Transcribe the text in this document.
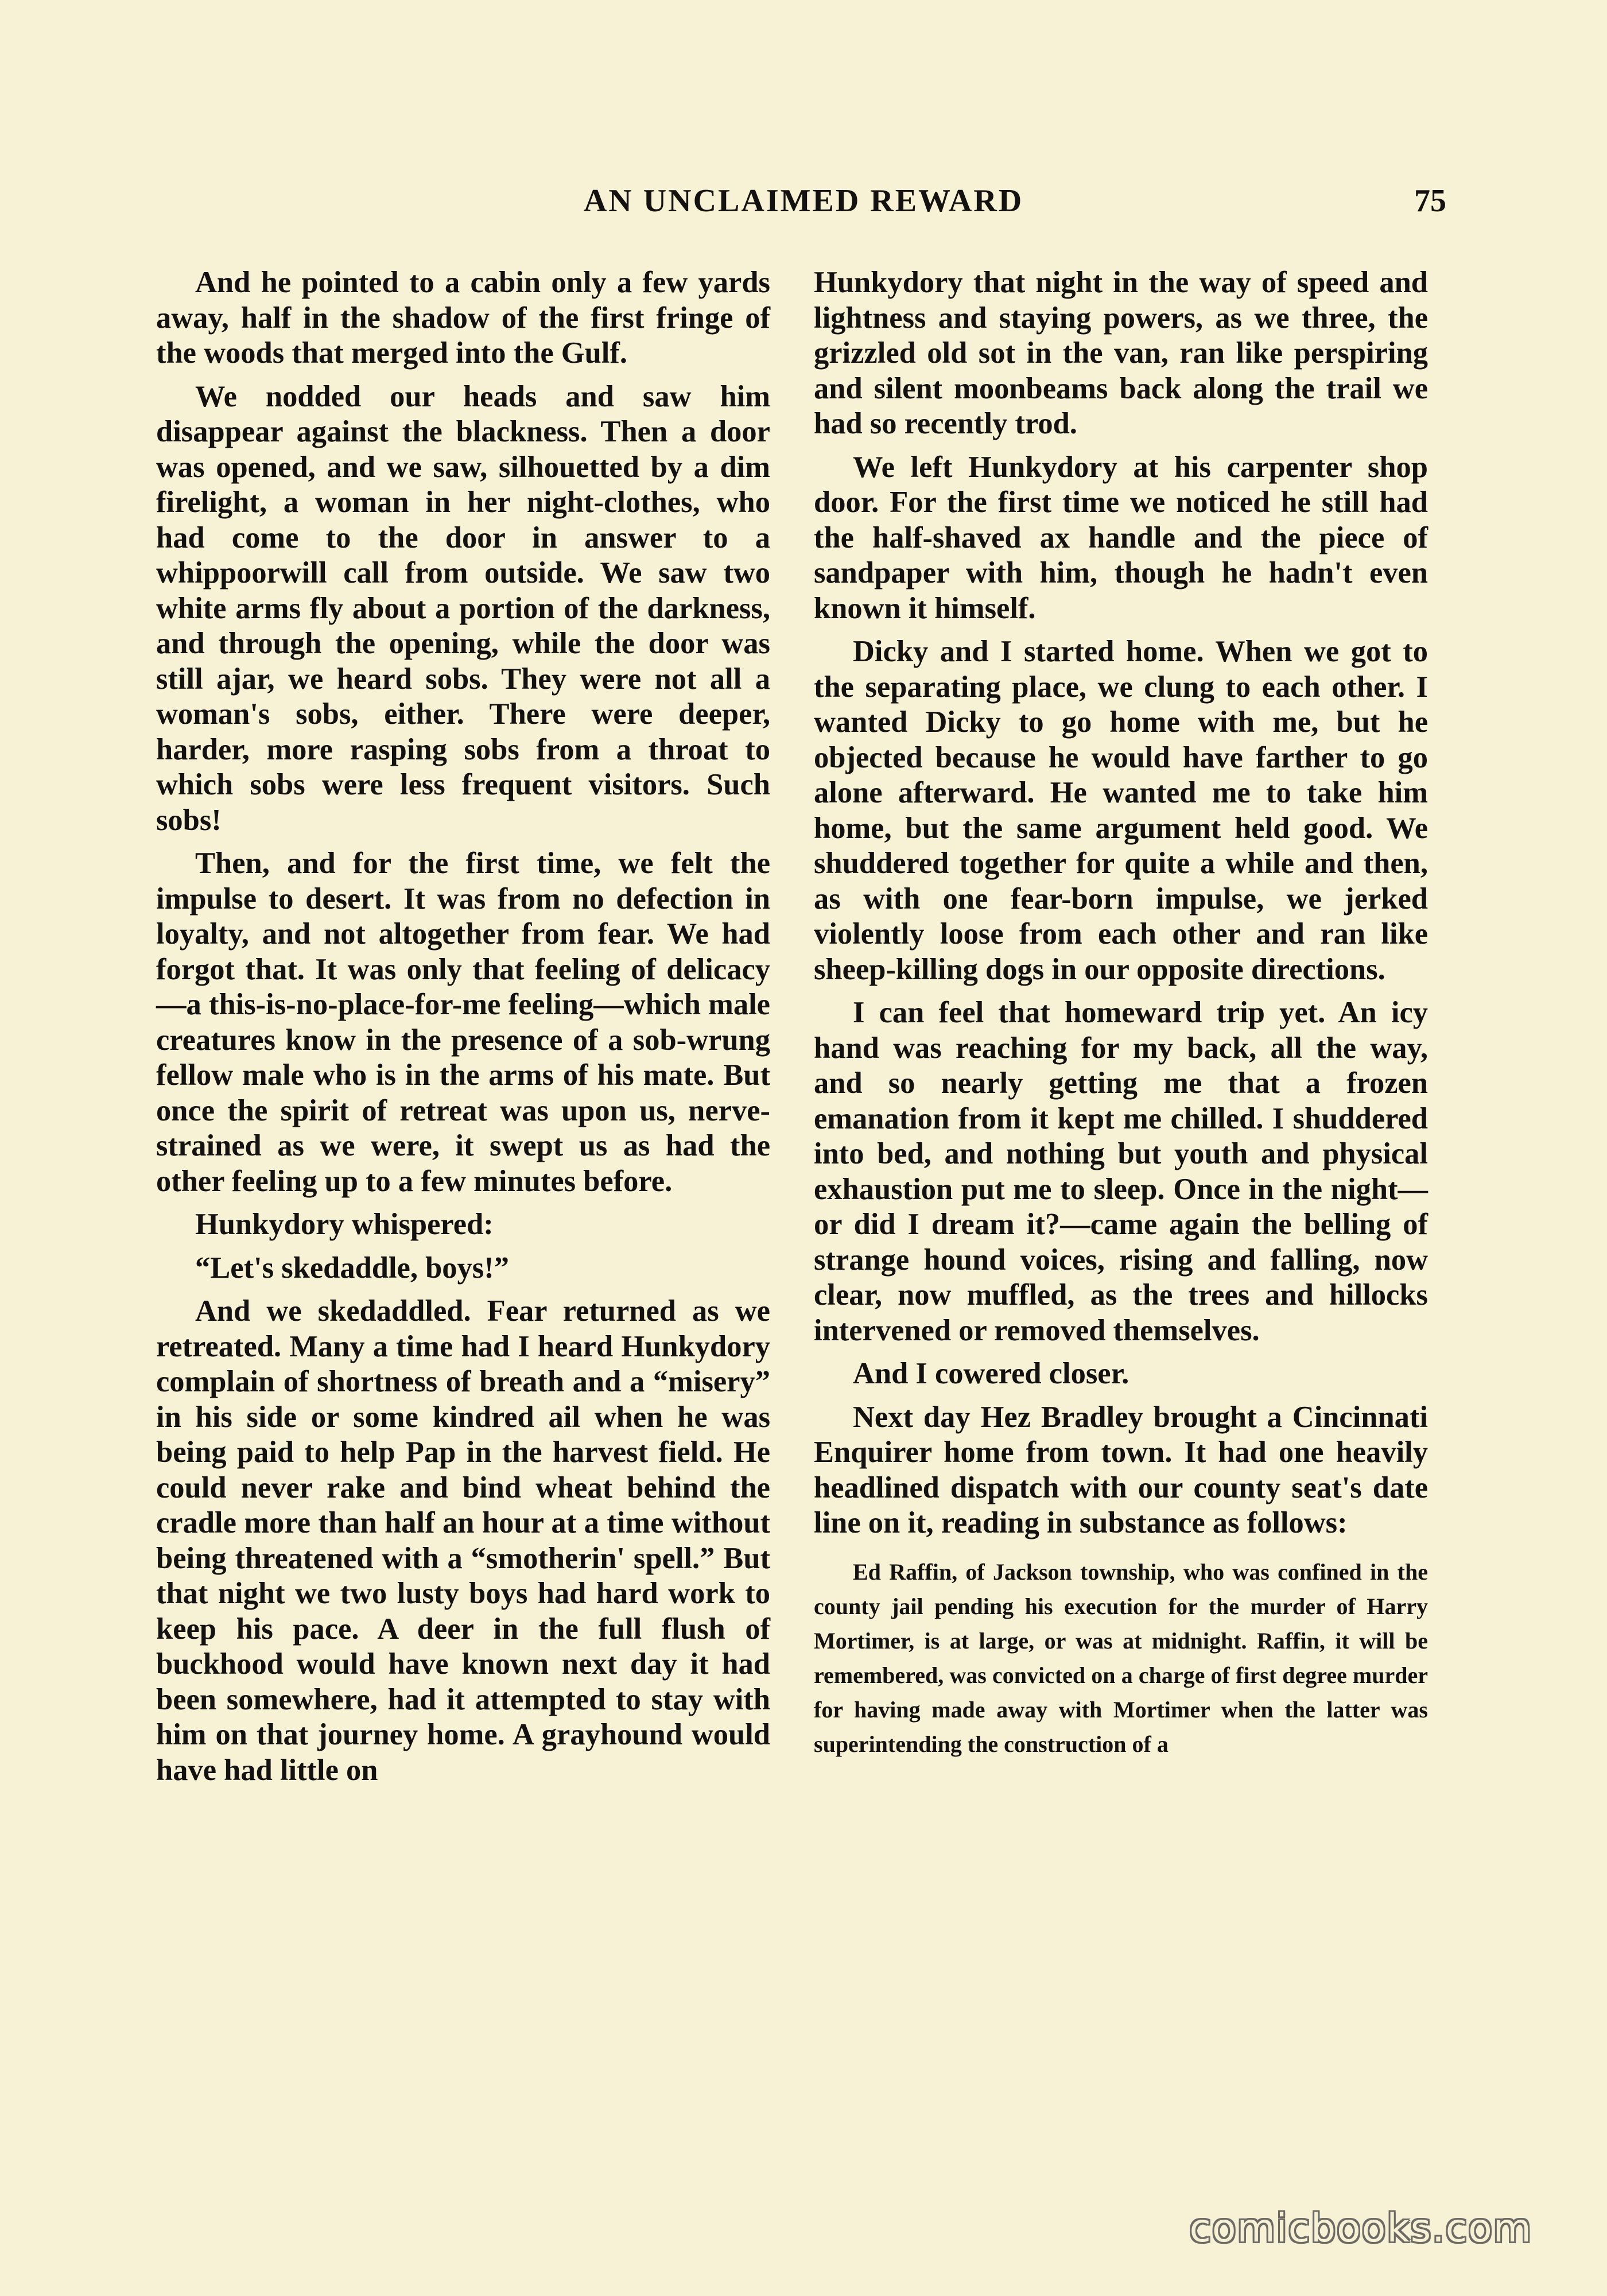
AN UNCLAIMED REWARD	75

And he pointed to a cabin only a few yards away, half in the shadow of the first fringe of the woods that merged into the Gulf.

We nodded our heads and saw him disappear against the blackness. Then a door was opened, and we saw, silhouetted by a dim firelight, a woman in her night-clothes, who had come to the door in answer to a whippoorwill call from outside. We saw two white arms fly about a portion of the darkness, and through the opening, while the door was still ajar, we heard sobs. They were not all a woman's sobs, either. There were deeper, harder, more rasping sobs from a throat to which sobs were less frequent visitors. Such sobs!

Then, and for the first time, we felt the impulse to desert. It was from no defection in loyalty, and not altogether from fear. We had forgot that. It was only that feeling of delicacy—a this-is-no-place-for-me feeling—which male creatures know in the presence of a sob-wrung fellow male who is in the arms of his mate. But once the spirit of retreat was upon us, nerve-strained as we were, it swept us as had the other feeling up to a few minutes before.

Hunkydory whispered:

“Let's skedaddle, boys!”

And we skedaddled. Fear returned as we retreated. Many a time had I heard Hunkydory complain of shortness of breath and a “misery” in his side or some kindred ail when he was being paid to help Pap in the harvest field. He could never rake and bind wheat behind the cradle more than half an hour at a time without being threatened with a “smotherin' spell.” But that night we two lusty boys had hard work to keep his pace. A deer in the full flush of buckhood would have known next day it had been somewhere, had it attempted to stay with him on that journey home. A grayhound would have had little on

Hunkydory that night in the way of speed and lightness and staying powers, as we three, the grizzled old sot in the van, ran like perspiring and silent moonbeams back along the trail we had so recently trod.

We left Hunkydory at his carpenter shop door. For the first time we noticed he still had the half-shaved ax handle and the piece of sandpaper with him, though he hadn't even known it himself.

Dicky and I started home. When we got to the separating place, we clung to each other. I wanted Dicky to go home with me, but he objected because he would have farther to go alone afterward. He wanted me to take him home, but the same argument held good. We shuddered together for quite a while and then, as with one fear-born impulse, we jerked violently loose from each other and ran like sheep-killing dogs in our opposite directions.

I can feel that homeward trip yet. An icy hand was reaching for my back, all the way, and so nearly getting me that a frozen emanation from it kept me chilled. I shuddered into bed, and nothing but youth and physical exhaustion put me to sleep. Once in the night—or did I dream it?—came again the belling of strange hound voices, rising and falling, now clear, now muffled, as the trees and hillocks intervened or removed themselves.

And I cowered closer.

Next day Hez Bradley brought a Cincinnati Enquirer home from town. It had one heavily headlined dispatch with our county seat's date line on it, reading in substance as follows:

Ed Raffin, of Jackson township, who was confined in the county jail pending his execution for the murder of Harry Mortimer, is at large, or was at midnight. Raffin, it will be remembered, was convicted on a charge of first degree murder for having made away with Mortimer when the latter was superintending the construction of a

comicbooks.com
